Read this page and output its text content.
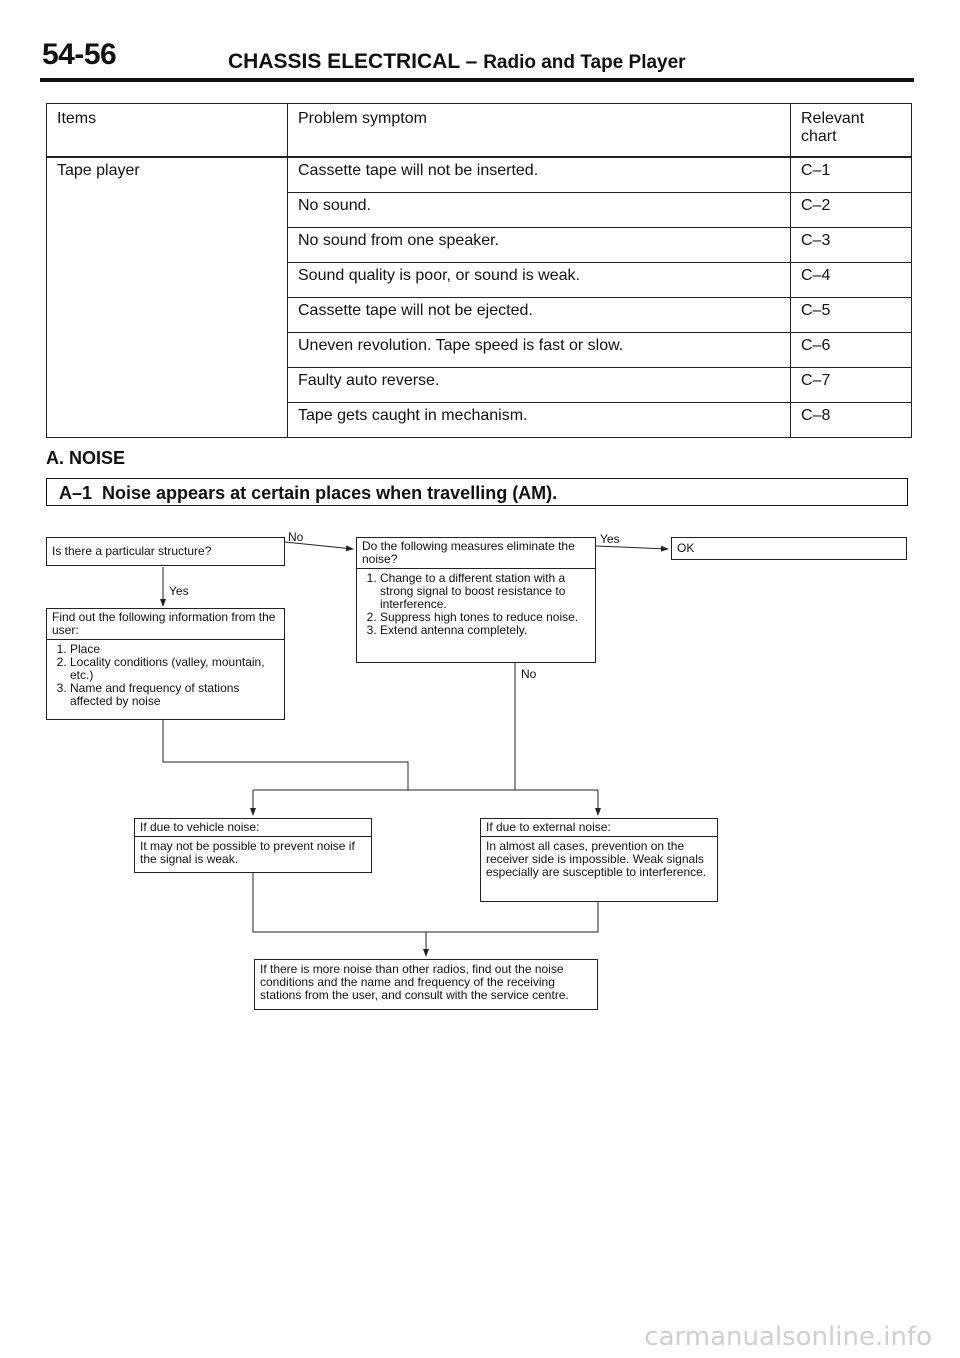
54-56	CHASSIS ELECTRICAL – Radio and Tape Player
Items	Problem symptom	Relevant chart
Tape player	Cassette tape will not be inserted.	C–1
	No sound.	C–2
	No sound from one speaker.	C–3
	Sound quality is poor, or sound is weak.	C–4
	Cassette tape will not be ejected.	C–5
	Uneven revolution. Tape speed is fast or slow.	C–6
	Faulty auto reverse.	C–7
	Tape gets caught in mechanism.	C–8
A. NOISE
A–1 Noise appears at certain places when travelling (AM).
No	Yes
Yes
No
Is there a particular structure?	Do the following measures eliminate the noise?
1. Change to a different station with a strong signal to boost resistance to interference.
2. Suppress high tones to reduce noise.
3. Extend antenna completely.
OK
Find out the following information from the user:
1. Place
2. Locality conditions (valley, mountain, etc.)
3. Name and frequency of stations affected by noise
If due to vehicle noise:
It may not be possible to prevent noise if the signal is weak.
If due to external noise:
In almost all cases, prevention on the receiver side is impossible. Weak signals especially are susceptible to interference.
If there is more noise than other radios, find out the noise conditions and the name and frequency of the receiving stations from the user, and consult with the service centre.
carmanualsonline.info
